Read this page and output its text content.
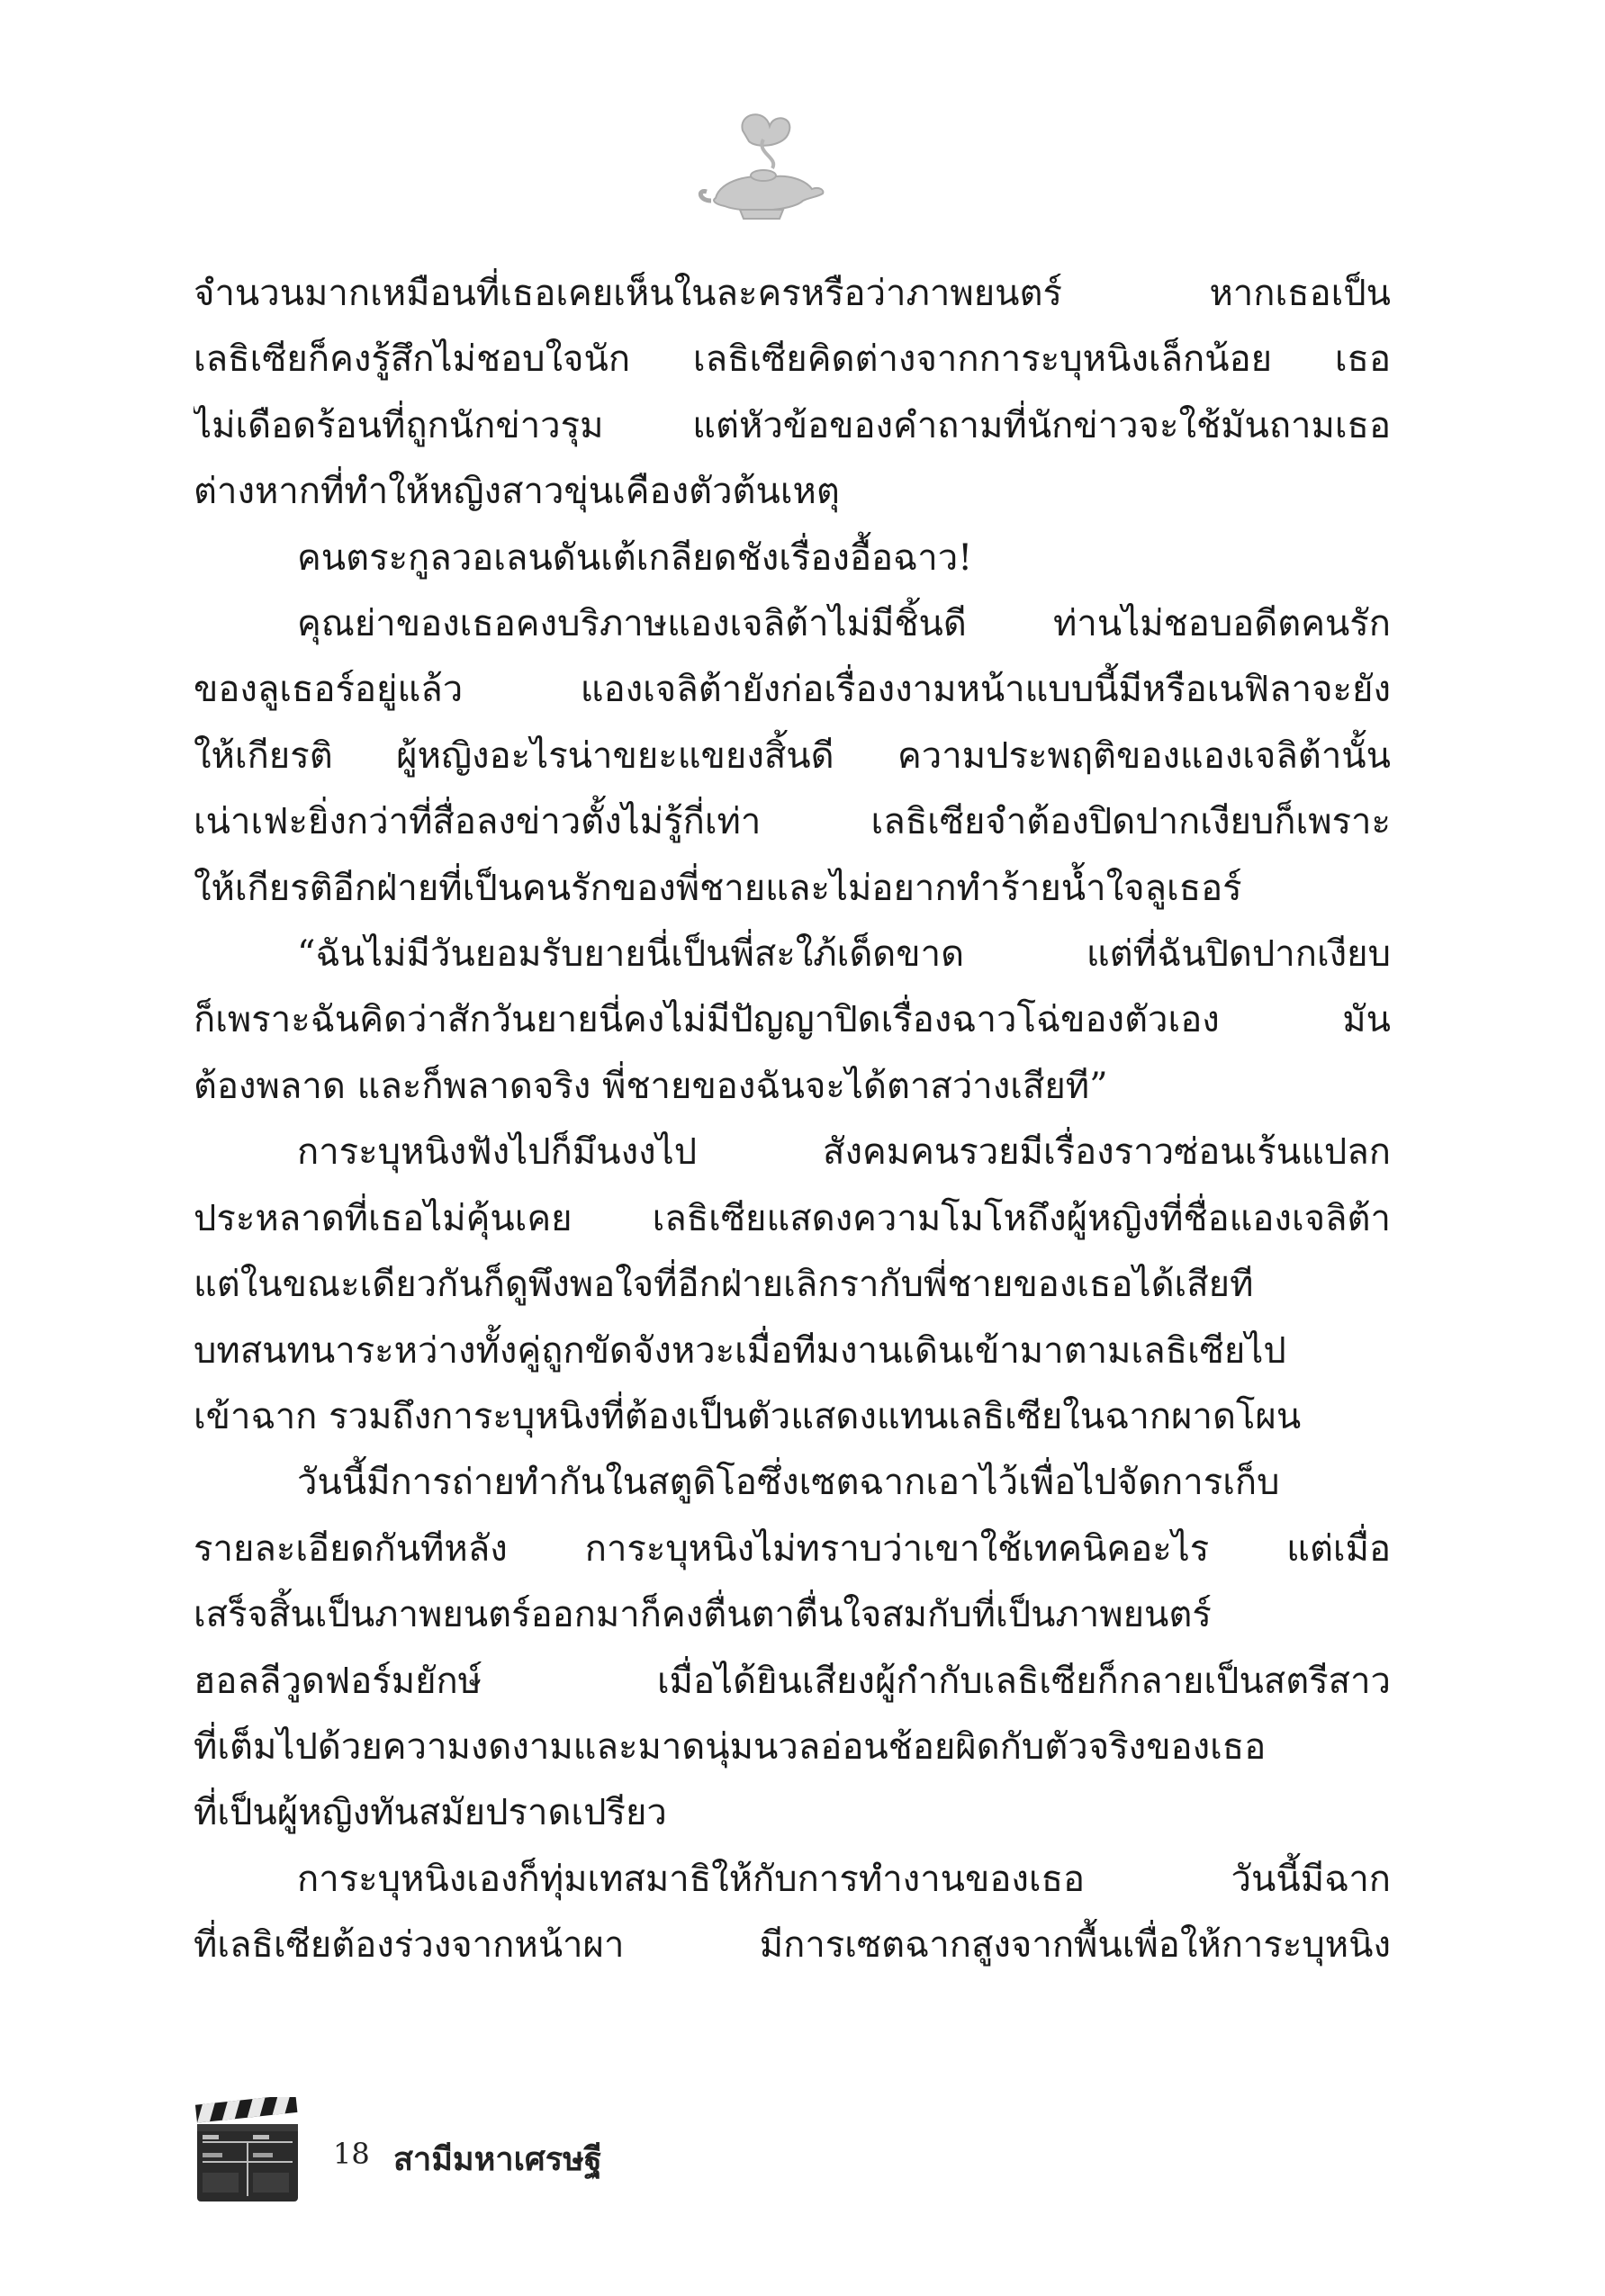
จำนวนมากเหมือนที่เธอเคยเห็นในละครหรือว่าภาพยนตร์ หากเธอเป็น
เลธิเซียก็คงรู้สึกไม่ชอบใจนัก เลธิเซียคิดต่างจากการะบุหนิงเล็กน้อย เธอ
ไม่เดือดร้อนที่ถูกนักข่าวรุม แต่หัวข้อของคำถามที่นักข่าวจะใช้มันถามเธอ
ต่างหากที่ทำให้หญิงสาวขุ่นเคืองตัวต้นเหตุ
คนตระกูลวอเลนดันเต้เกลียดชังเรื่องอื้อฉาว!
คุณย่าของเธอคงบริภาษแองเจลิต้าไม่มีชิ้นดี ท่านไม่ชอบอดีตคนรัก
ของลูเธอร์อยู่แล้ว แองเจลิต้ายังก่อเรื่องงามหน้าแบบนี้มีหรือเนฟิลาจะยัง
ให้เกียรติ ผู้หญิงอะไรน่าขยะแขยงสิ้นดี ความประพฤติของแองเจลิต้านั้น
เน่าเฟะยิ่งกว่าที่สื่อลงข่าวตั้งไม่รู้กี่เท่า เลธิเซียจำต้องปิดปากเงียบก็เพราะ
ให้เกียรติอีกฝ่ายที่เป็นคนรักของพี่ชายและไม่อยากทำร้ายน้ำใจลูเธอร์
“ฉันไม่มีวันยอมรับยายนี่เป็นพี่สะใภ้เด็ดขาด แต่ที่ฉันปิดปากเงียบ
ก็เพราะฉันคิดว่าสักวันยายนี่คงไม่มีปัญญาปิดเรื่องฉาวโฉ่ของตัวเอง มัน
ต้องพลาด และก็พลาดจริง พี่ชายของฉันจะได้ตาสว่างเสียที”
การะบุหนิงฟังไปก็มึนงงไป สังคมคนรวยมีเรื่องราวซ่อนเร้นแปลก
ประหลาดที่เธอไม่คุ้นเคย เลธิเซียแสดงความโมโหถึงผู้หญิงที่ชื่อแองเจลิต้า
แต่ในขณะเดียวกันก็ดูพึงพอใจที่อีกฝ่ายเลิกรากับพี่ชายของเธอได้เสียที
บทสนทนาระหว่างทั้งคู่ถูกขัดจังหวะเมื่อทีมงานเดินเข้ามาตามเลธิเซียไป
เข้าฉาก รวมถึงการะบุหนิงที่ต้องเป็นตัวแสดงแทนเลธิเซียในฉากผาดโผน
วันนี้มีการถ่ายทำกันในสตูดิโอซึ่งเซตฉากเอาไว้เพื่อไปจัดการเก็บ
รายละเอียดกันทีหลัง การะบุหนิงไม่ทราบว่าเขาใช้เทคนิคอะไร แต่เมื่อ
เสร็จสิ้นเป็นภาพยนตร์ออกมาก็คงตื่นตาตื่นใจสมกับที่เป็นภาพยนตร์
ฮอลลีวูดฟอร์มยักษ์ เมื่อได้ยินเสียงผู้กำกับเลธิเซียก็กลายเป็นสตรีสาว
ที่เต็มไปด้วยความงดงามและมาดนุ่มนวลอ่อนช้อยผิดกับตัวจริงของเธอ
ที่เป็นผู้หญิงทันสมัยปราดเปรียว
การะบุหนิงเองก็ทุ่มเทสมาธิให้กับการทำงานของเธอ วันนี้มีฉาก
ที่เลธิเซียต้องร่วงจากหน้าผา มีการเซตฉากสูงจากพื้นเพื่อให้การะบุหนิง
18 สามีมหาเศรษฐี
